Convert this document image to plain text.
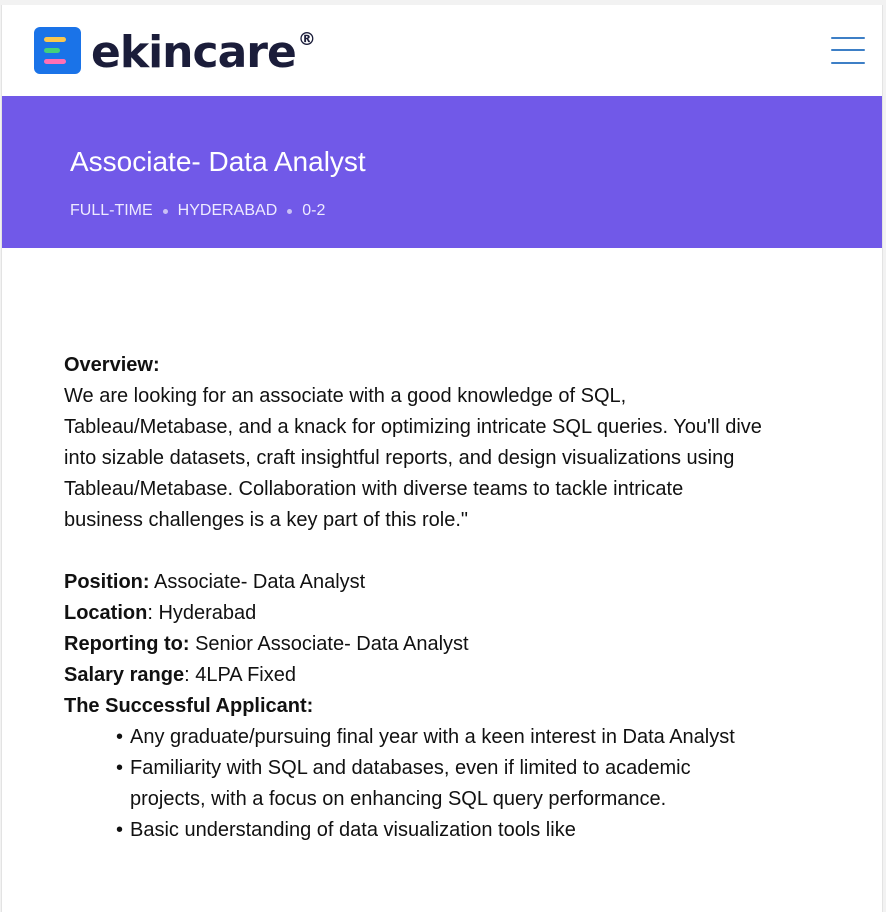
ekincare ®
Associate- Data Analyst
FULL-TIME HYDERABAD 0-2
Overview:
We are looking for an associate with a good knowledge of SQL, Tableau/Metabase, and a knack for optimizing intricate SQL queries. You'll dive into sizable datasets, craft insightful reports, and design visualizations using Tableau/Metabase. Collaboration with diverse teams to tackle intricate business challenges is a key part of this role."
Position: Associate- Data Analyst
Location: Hyderabad
Reporting to: Senior Associate- Data Analyst
Salary range: 4LPA Fixed
The Successful Applicant:
• Any graduate/pursuing final year with a keen interest in Data Analyst
• Familiarity with SQL and databases, even if limited to academic projects, with a focus on enhancing SQL query performance.
• Basic understanding of data visualization tools like
